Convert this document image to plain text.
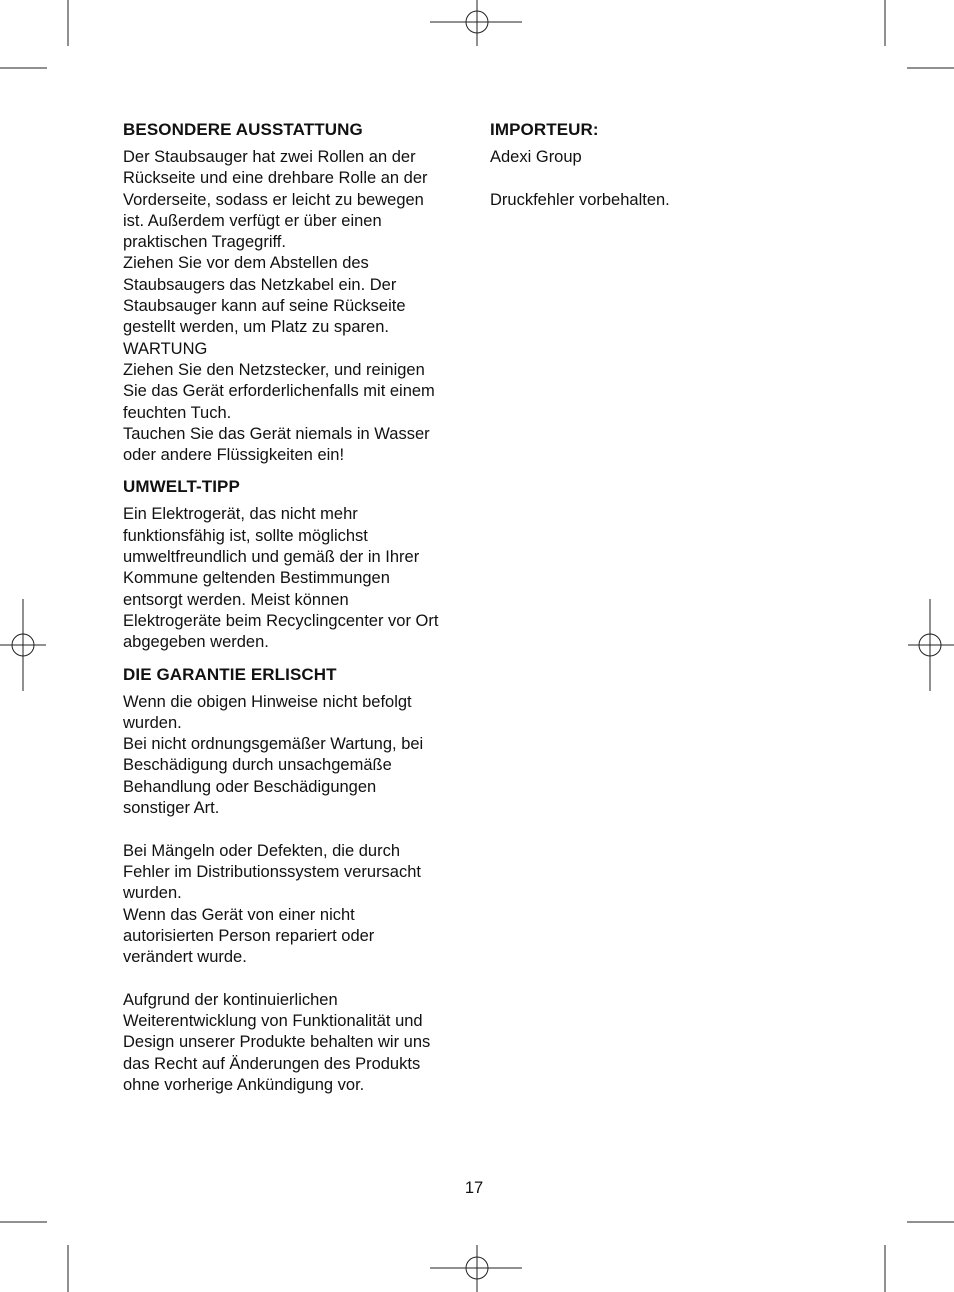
BESONDERE AUSSTATTUNG

Der Staubsauger hat zwei Rollen an der
Rückseite und eine drehbare Rolle an der
Vorderseite, sodass er leicht zu bewegen
ist. Außerdem verfügt er über einen
praktischen Tragegriff.
Ziehen Sie vor dem Abstellen des
Staubsaugers das Netzkabel ein. Der
Staubsauger kann auf seine Rückseite
gestellt werden, um Platz zu sparen.
WARTUNG
Ziehen Sie den Netzstecker, und reinigen
Sie das Gerät erforderlichenfalls mit einem
feuchten Tuch.
Tauchen Sie das Gerät niemals in Wasser
oder andere Flüssigkeiten ein!

UMWELT-TIPP

Ein Elektrogerät, das nicht mehr
funktionsfähig ist, sollte möglichst
umweltfreundlich und gemäß der in Ihrer
Kommune geltenden Bestimmungen
entsorgt werden. Meist können
Elektrogeräte beim Recyclingcenter vor Ort
abgegeben werden.

DIE GARANTIE ERLISCHT

Wenn die obigen Hinweise nicht befolgt
wurden.
Bei nicht ordnungsgemäßer Wartung, bei
Beschädigung durch unsachgemäße
Behandlung oder Beschädigungen
sonstiger Art.

Bei Mängeln oder Defekten, die durch
Fehler im Distributionssystem verursacht
wurden.
Wenn das Gerät von einer nicht
autorisierten Person repariert oder
verändert wurde.

Aufgrund der kontinuierlichen
Weiterentwicklung von Funktionalität und
Design unserer Produkte behalten wir uns
das Recht auf Änderungen des Produkts
ohne vorherige Ankündigung vor.

IMPORTEUR:

Adexi Group

Druckfehler vorbehalten.

17
